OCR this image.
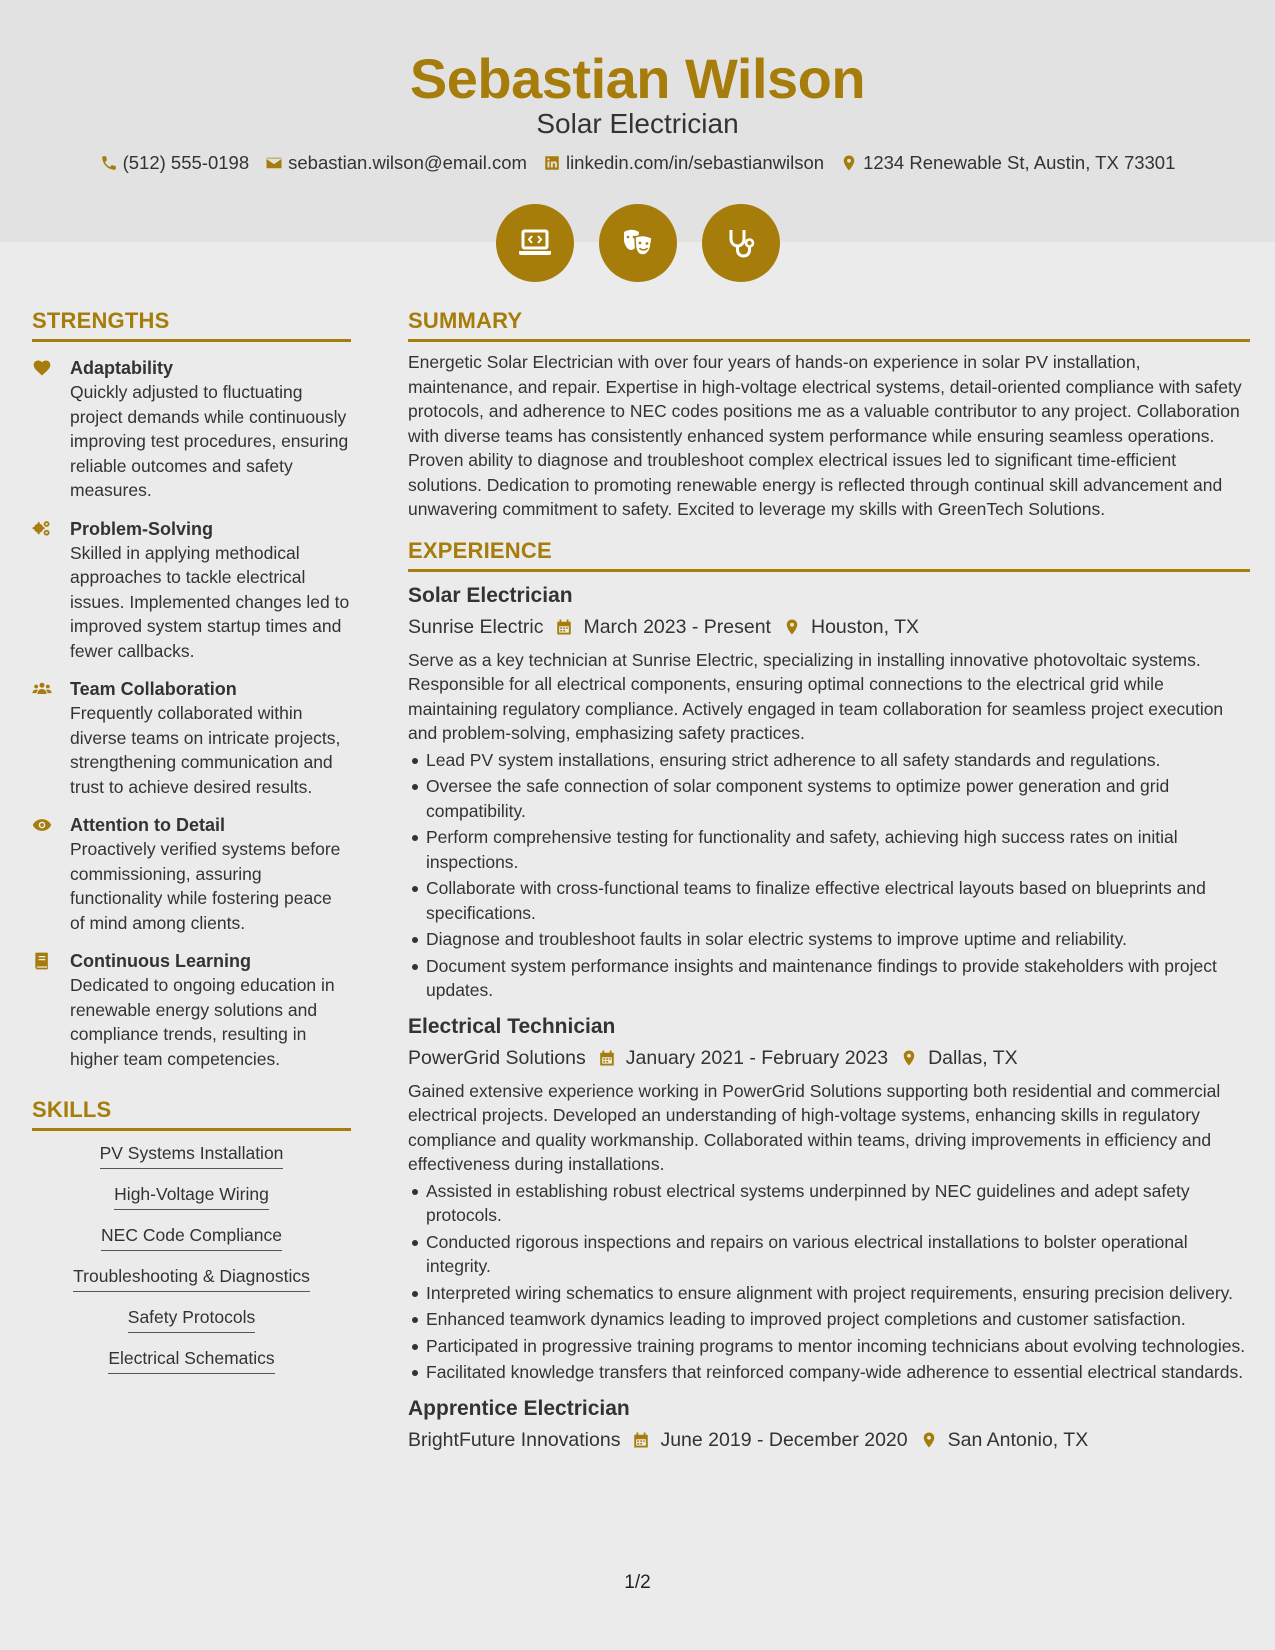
Sebastian Wilson
Solar Electrician
(512) 555-0198 sebastian.wilson@email.com linkedin.com/in/sebastianwilson 1234 Renewable St, Austin, TX 73301
STRENGTHS
Adaptability
Quickly adjusted to fluctuating project demands while continuously improving test procedures, ensuring reliable outcomes and safety measures.
Problem-Solving
Skilled in applying methodical approaches to tackle electrical issues. Implemented changes led to improved system startup times and fewer callbacks.
Team Collaboration
Frequently collaborated within diverse teams on intricate projects, strengthening communication and trust to achieve desired results.
Attention to Detail
Proactively verified systems before commissioning, assuring functionality while fostering peace of mind among clients.
Continuous Learning
Dedicated to ongoing education in renewable energy solutions and compliance trends, resulting in higher team competencies.
SKILLS
PV Systems Installation
High-Voltage Wiring
NEC Code Compliance
Troubleshooting & Diagnostics
Safety Protocols
Electrical Schematics
SUMMARY
Energetic Solar Electrician with over four years of hands-on experience in solar PV installation, maintenance, and repair. Expertise in high-voltage electrical systems, detail-oriented compliance with safety protocols, and adherence to NEC codes positions me as a valuable contributor to any project. Collaboration with diverse teams has consistently enhanced system performance while ensuring seamless operations. Proven ability to diagnose and troubleshoot complex electrical issues led to significant time-efficient solutions. Dedication to promoting renewable energy is reflected through continual skill advancement and unwavering commitment to safety. Excited to leverage my skills with GreenTech Solutions.
EXPERIENCE
Solar Electrician
Sunrise Electric March 2023 - Present Houston, TX
Serve as a key technician at Sunrise Electric, specializing in installing innovative photovoltaic systems. Responsible for all electrical components, ensuring optimal connections to the electrical grid while maintaining regulatory compliance. Actively engaged in team collaboration for seamless project execution and problem-solving, emphasizing safety practices.
Lead PV system installations, ensuring strict adherence to all safety standards and regulations.
Oversee the safe connection of solar component systems to optimize power generation and grid compatibility.
Perform comprehensive testing for functionality and safety, achieving high success rates on initial inspections.
Collaborate with cross-functional teams to finalize effective electrical layouts based on blueprints and specifications.
Diagnose and troubleshoot faults in solar electric systems to improve uptime and reliability.
Document system performance insights and maintenance findings to provide stakeholders with project updates.
Electrical Technician
PowerGrid Solutions January 2021 - February 2023 Dallas, TX
Gained extensive experience working in PowerGrid Solutions supporting both residential and commercial electrical projects. Developed an understanding of high-voltage systems, enhancing skills in regulatory compliance and quality workmanship. Collaborated within teams, driving improvements in efficiency and effectiveness during installations.
Assisted in establishing robust electrical systems underpinned by NEC guidelines and adept safety protocols.
Conducted rigorous inspections and repairs on various electrical installations to bolster operational integrity.
Interpreted wiring schematics to ensure alignment with project requirements, ensuring precision delivery.
Enhanced teamwork dynamics leading to improved project completions and customer satisfaction.
Participated in progressive training programs to mentor incoming technicians about evolving technologies.
Facilitated knowledge transfers that reinforced company-wide adherence to essential electrical standards.
Apprentice Electrician
BrightFuture Innovations June 2019 - December 2020 San Antonio, TX
1/2
